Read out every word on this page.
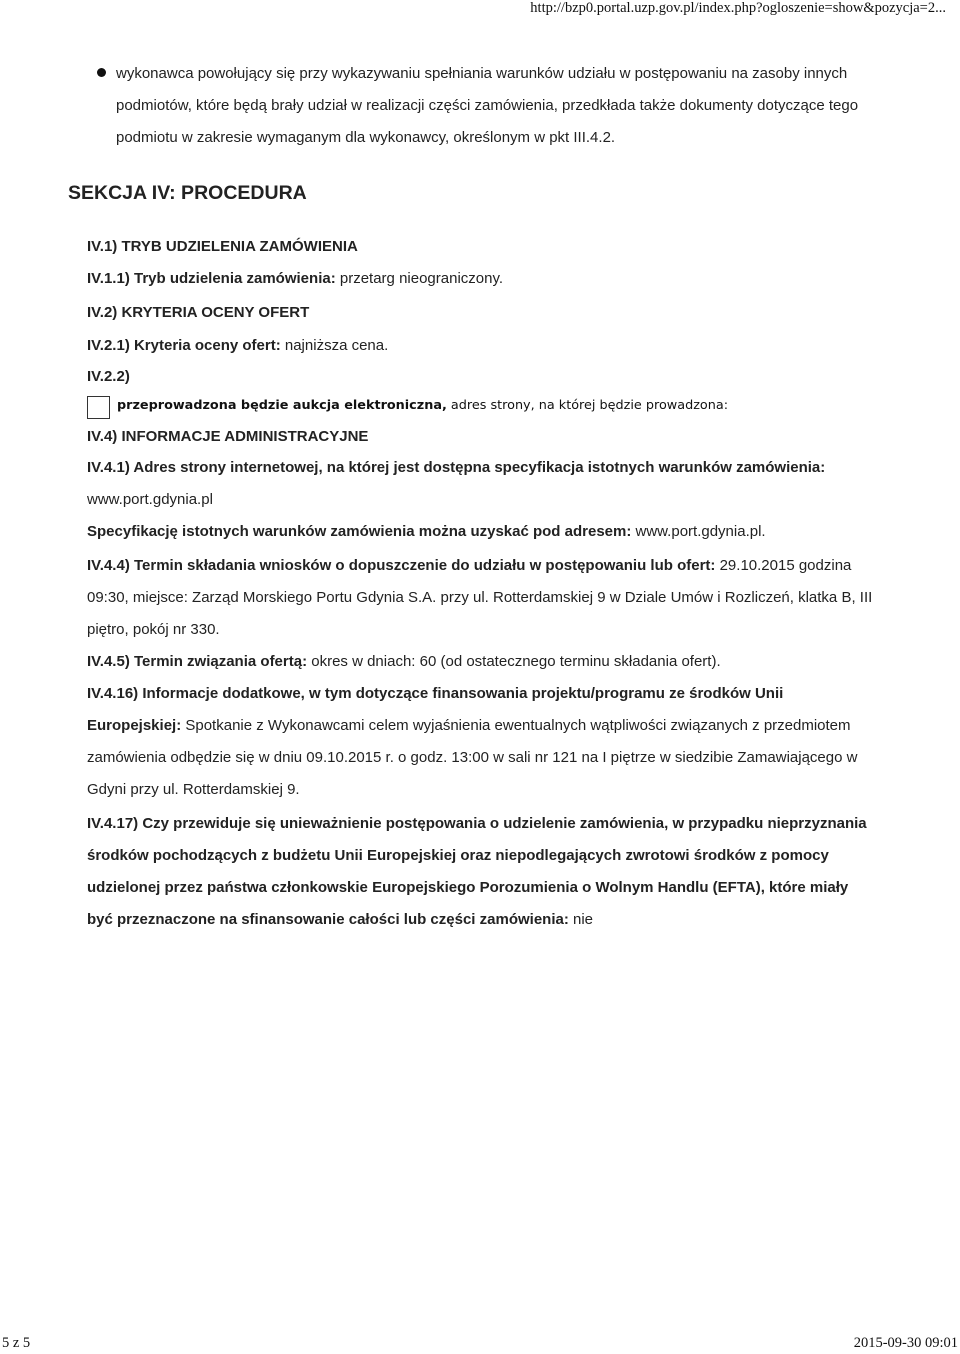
http://bzp0.portal.uzp.gov.pl/index.php?ogloszenie=show&pozycja=2...
wykonawca powołujący się przy wykazywaniu spełniania warunków udziału w postępowaniu na zasoby innych podmiotów, które będą brały udział w realizacji części zamówienia, przedkłada także dokumenty dotyczące tego podmiotu w zakresie wymaganym dla wykonawcy, określonym w pkt III.4.2.
SEKCJA IV: PROCEDURA
IV.1) TRYB UDZIELENIA ZAMÓWIENIA
IV.1.1) Tryb udzielenia zamówienia: przetarg nieograniczony.
IV.2) KRYTERIA OCENY OFERT
IV.2.1) Kryteria oceny ofert: najniższa cena.
IV.2.2)
przeprowadzona będzie aukcja elektroniczna, adres strony, na której będzie prowadzona:
IV.4) INFORMACJE ADMINISTRACYJNE
IV.4.1) Adres strony internetowej, na której jest dostępna specyfikacja istotnych warunków zamówienia:
www.port.gdynia.pl
Specyfikację istotnych warunków zamówienia można uzyskać pod adresem: www.port.gdynia.pl.
IV.4.4) Termin składania wniosków o dopuszczenie do udziału w postępowaniu lub ofert: 29.10.2015 godzina 09:30, miejsce: Zarząd Morskiego Portu Gdynia S.A. przy ul. Rotterdamskiej 9 w Dziale Umów i Rozliczeń, klatka B, III piętro, pokój nr 330.
IV.4.5) Termin związania ofertą: okres w dniach: 60 (od ostatecznego terminu składania ofert).
IV.4.16) Informacje dodatkowe, w tym dotyczące finansowania projektu/programu ze środków Unii Europejskiej: Spotkanie z Wykonawcami celem wyjaśnienia ewentualnych wątpliwości związanych z przedmiotem zamówienia odbędzie się w dniu 09.10.2015 r. o godz. 13:00 w sali nr 121 na I piętrze w siedzibie Zamawiającego w Gdyni przy ul. Rotterdamskiej 9.
IV.4.17) Czy przewiduje się unieważnienie postępowania o udzielenie zamówienia, w przypadku nieprzyznania środków pochodzących z budżetu Unii Europejskiej oraz niepodlegających zwrotowi środków z pomocy udzielonej przez państwa członkowskie Europejskiego Porozumienia o Wolnym Handlu (EFTA), które miały być przeznaczone na sfinansowanie całości lub części zamówienia: nie
5 z 5	2015-09-30 09:01
